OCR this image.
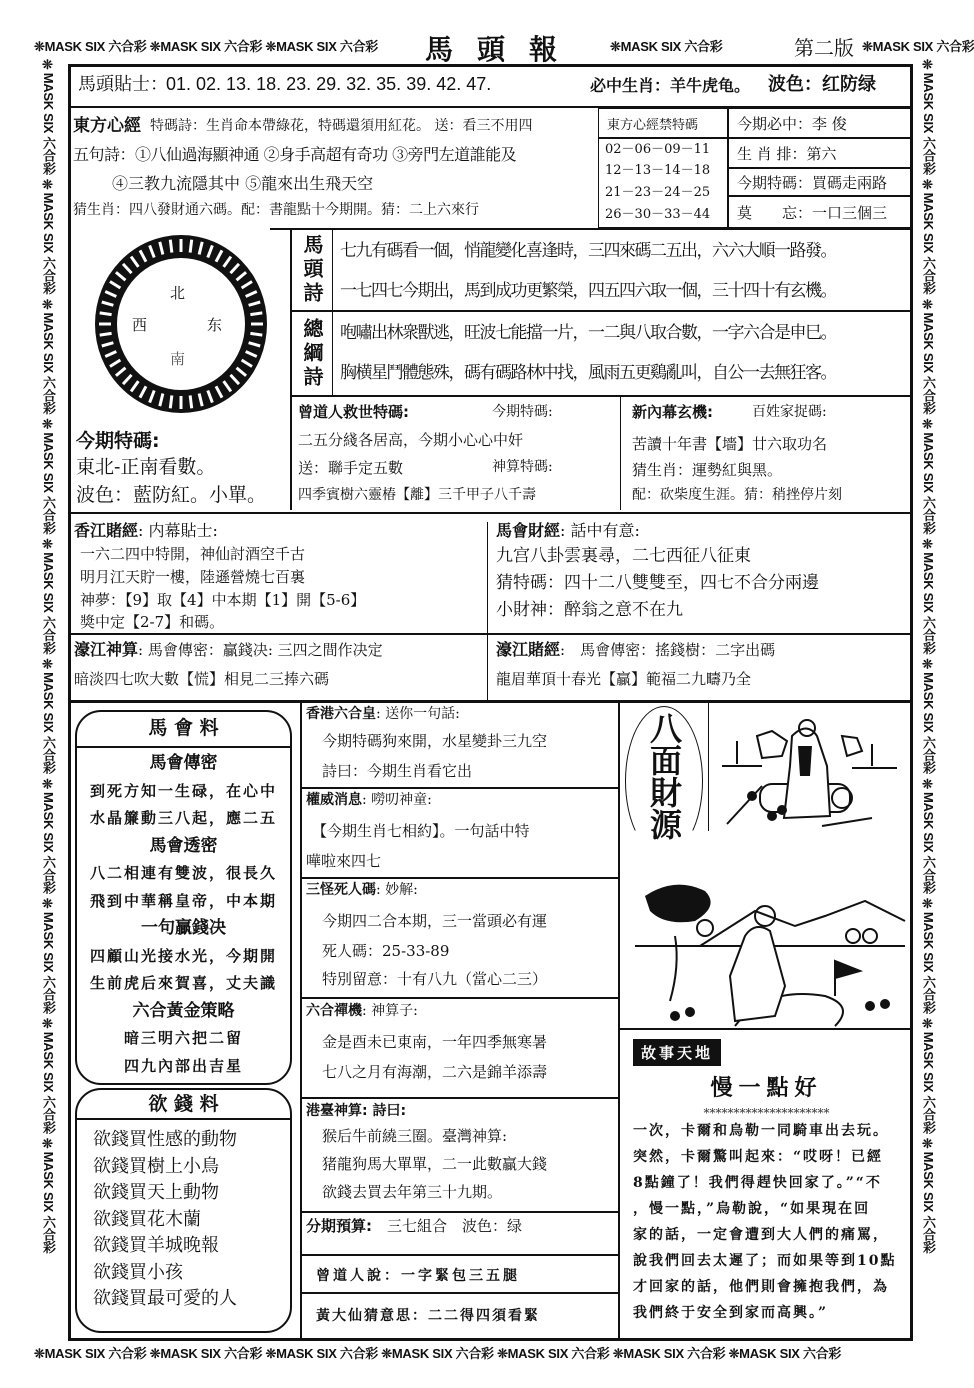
❊MASK SIX 六合彩 ❊MASK SIX 六合彩 ❊MASK SIX 六合彩	馬頭報 ❊MASK SIX 六合彩	第二版 ❊MASK SIX 六合彩
❊MASK SIX 六合彩 ❊MASK SIX 六合彩 ❊MASK SIX 六合彩 ❊MASK SIX 六合彩 ❊MASK SIX 六合彩 ❊MASK SIX 六合彩 ❊MASK SIX 六合彩
❊MASK SIX 六合彩 ❊MASK SIX 六合彩 ❊MASK SIX 六合彩 ❊MASK SIX 六合彩 ❊MASK SIX 六合彩 ❊MASK SIX 六合彩 ❊MASK SIX 六合彩 ❊MASK SIX 六合彩 ❊MASK SIX 六合彩 ❊MASK SIX 六合彩
❊MASK SIX 六合彩 ❊MASK SIX 六合彩 ❊MASK SIX 六合彩 ❊MASK SIX 六合彩 ❊MASK SIX 六合彩 ❊MASK SIX 六合彩 ❊MASK SIX 六合彩 ❊MASK SIX 六合彩 ❊MASK SIX 六合彩 ❊MASK SIX 六合彩
馬頭貼士：
01. 02. 13. 18. 23. 29. 32. 35. 39. 42. 47.	必中生肖：羊牛虎龟。 波色：红防绿
東方心經 特碼詩：生肖命本帶綠花，特碼還須用紅花。 送：看三不用四
五句詩：①八仙過海顯神通 ②身手高超有奇功 ③旁門左道誰能及
④三教九流隱其中 ⑤龍來出生飛天空
猜生肖：四八發財通六碼。配：書龍點十今期開。猜：二上六來行
東方心經禁特碼
02－06－09－11
12－13－14－18
21－23－24－25
26－30－33－44
今期必中：李 俊
生 肖 排：第六
今期特碼：買碼走兩路
莫　　忘：一口三個三
北
西	东
南
今期特碼:
東北-正南看數。
波色：藍防紅。小單。
馬頭詩 七九有碼看一個，悄龍變化喜逢時，三四來碼二五出，六六大順一路發。
一七四七今期出，馬到成功更繁榮，四五四六取一個，三十四十有玄機。
總綱詩 咆嘯出林衆獸逃，旺波七能擋一片，一二與八取合數，一字六合是申巳。
胸横星鬥體態殊，碼有碼路林中找，風雨五更鷄亂叫，自公一去無狂客。
曾道人救世特碼:	今期特碼:
二五分綫各居高，今期小心心中奸
送：聯手定五數	神算特碼:
四季賓樹六靈椿【離】三千甲子八千壽
新內幕玄機:	百姓家捉碼:
苦讀十年書【墻】廿六取功名
猜生肖：運勢紅與黑。
配：砍柴度生涯。猜：稍挫停片刻
香江賭經: 内幕貼士:
一六二四中特開，神仙討酒空千古
明月江天貯一樓，陸遜營燒七百裏
神夢：【9】取【4】中本期【1】開【5-6】
獎中定【2-7】和碼。
馬會財經: 話中有意:
九宫八卦雲裏尋，二七西征八征東
猜特碼：四十二八雙雙至，四七不合分兩邊
小財神：醉翁之意不在九
濠江神算: 馬會傳密：贏錢决: 三四之間作决定
暗淡四七吹大數【慌】相見二三捧六碼
濠江賭經:　馬會傳密：搖錢樹：二字出碼
龍眉華頂十春光【贏】範福二九疇乃全
馬 會 料
馬會傳密
到死方知一生碌，在心中
水晶簾動三八起，應二五
馬會透密
八二相連有雙波，很長久
飛到中華稱皇帝，中本期
一句贏錢决
四顧山光接水光，今期開
生前虎后來賀喜，丈夫識
六合黃金策略
暗三明六把二留
四九內部出吉星
欲 錢 料
欲錢買性感的動物
欲錢買樹上小鳥
欲錢買天上動物
欲錢買花木蘭
欲錢買羊城晚報
欲錢買小孩
欲錢買最可愛的人
香港六合皇: 送你一句話:
今期特碼狗來開，水星變卦三九空
詩曰：今期生肖看它出
權威消息: 嘮叨神童:
【今期生肖七相約】。一句話中特
嘩啦來四七
三怪死人碼: 妙解:
今期四二合本期，三一當頭必有運
死人碼：25-33-89
特別留意：十有八九（當心二三）
六合禪機: 神算子:
金是酉未已東南，一年四季無寒暑
七八之月有海潮，二六是錦羊添壽
港臺神算: 詩曰:
猴后牛前繞三圈。臺灣神算:
猪龍狗馬大單單，二一此數贏大錢
欲錢去買去年第三十九期。
分期預算:　 三七組合　波色：绿
曾道人說：一字緊包三五腿
黃大仙猜意思：二二得四須看緊
八面財源
故事天地
慢一點好
*********************
一次，卡爾和烏勒一同騎車出去玩。
突然，卡爾驚叫起來：“哎呀！已經
8點鐘了！我們得趕快回家了。”“不
，慢一點，”烏勒說，“如果現在回
家的話，一定會遭到大人們的痛罵，
說我們回去太遲了；而如果等到10點
才回家的話，他們則會擁抱我們，為
我們終于安全到家而高興。”
